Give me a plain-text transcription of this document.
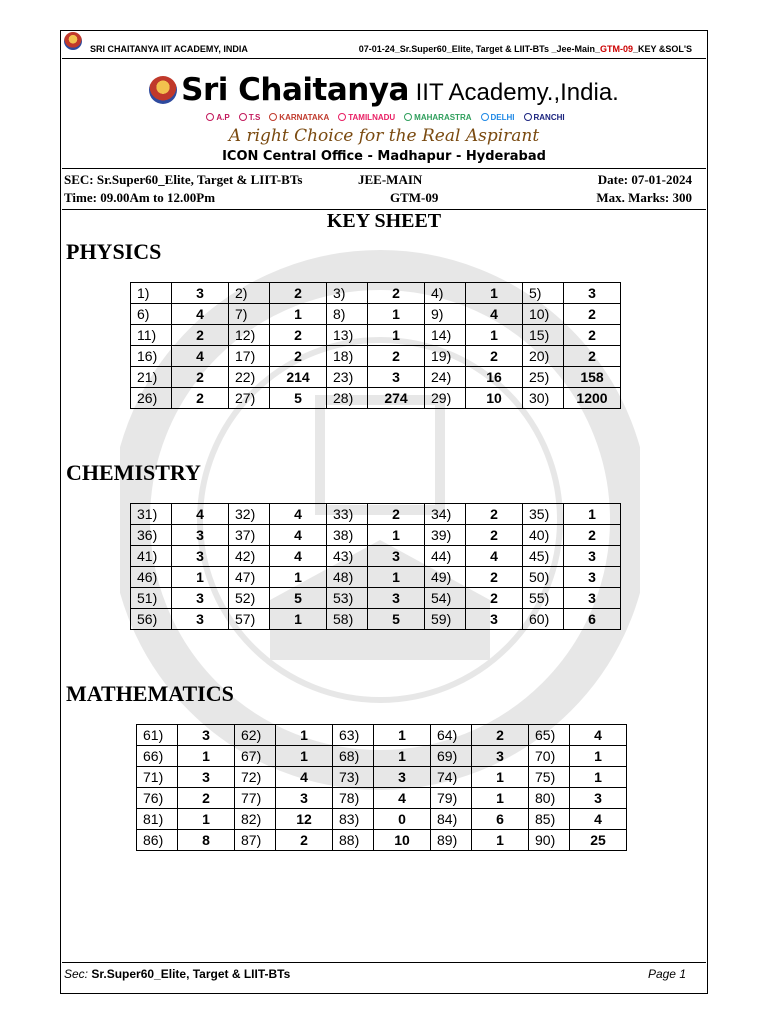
SRI CHAITANYA IIT ACADEMY, INDIA	07-01-24_Sr.Super60_Elite, Target & LIIT-BTs _Jee-Main_GTM-09_KEY &SOL'S
Sri Chaitanya IIT Academy.,India.
A.P T.S KARNATAKA TAMILNADU MAHARASTRA DELHI RANCHI
A right Choice for the Real Aspirant
ICON Central Office - Madhapur - Hyderabad
SEC: Sr.Super60_Elite, Target & LIIT-BTs
Time: 09.00Am to 12.00Pm
JEE-MAIN
GTM-09
Date: 07-01-2024
Max. Marks: 300
KEY SHEET
PHYSICS
1)	3	2)	2	3)	2	4)	1	5)	3
6)	4	7)	1	8)	1	9)	4	10)	2
11)	2	12)	2	13)	1	14)	1	15)	2
16)	4	17)	2	18)	2	19)	2	20)	2
21)	2	22)	214	23)	3	24)	16	25)	158
26)	2	27)	5	28)	274	29)	10	30)	1200
CHEMISTRY
31)	4	32)	4	33)	2	34)	2	35)	1
36)	3	37)	4	38)	1	39)	2	40)	2
41)	3	42)	4	43)	3	44)	4	45)	3
46)	1	47)	1	48)	1	49)	2	50)	3
51)	3	52)	5	53)	3	54)	2	55)	3
56)	3	57)	1	58)	5	59)	3	60)	6
MATHEMATICS
61)	3	62)	1	63)	1	64)	2	65)	4
66)	1	67)	1	68)	1	69)	3	70)	1
71)	3	72)	4	73)	3	74)	1	75)	1
76)	2	77)	3	78)	4	79)	1	80)	3
81)	1	82)	12	83)	0	84)	6	85)	4
86)	8	87)	2	88)	10	89)	1	90)	25
Sec: Sr.Super60_Elite, Target & LIIT-BTs	Page 1
